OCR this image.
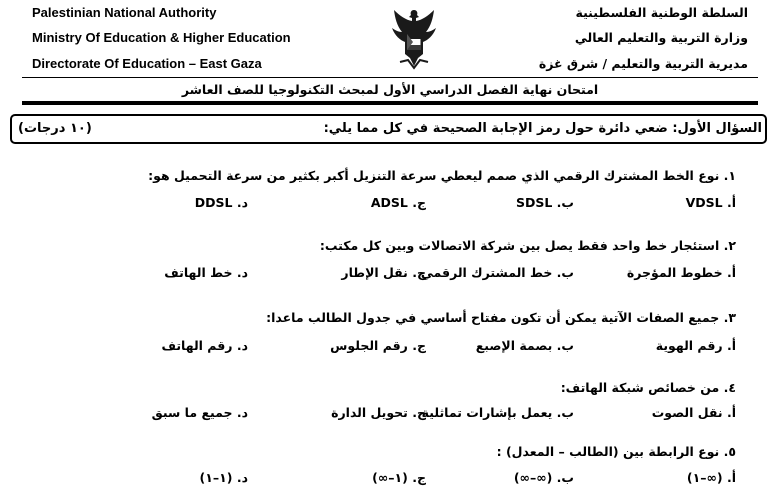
Palestinian National Authority
Ministry Of Education & Higher Education
Directorate Of Education – East Gaza
السلطة الوطنية الفلسطينية
وزارة التربية والتعليم العالي
مديرية التربية والتعليم / شرق غزة
امتحان نهاية الفصل الدراسي الأول لمبحث التكنولوجيا للصف العاشر
السؤال الأول: ضعي دائرة حول رمز الإجابة الصحيحة في كل مما يلي:
(١٠ درجات)
١. نوع الخط المشترك الرقمي الذي صمم ليعطي سرعة التنزيل أكبر بكثير من سرعة التحميل هو:
أ. VDSL
ب. SDSL
ج. ADSL
د. DDSL
٢. استئجار خط واحد فقط يصل بين شركة الاتصالات وبين كل مكتب:
أ. خطوط المؤجرة
ب. خط المشترك الرقمي
ج. نقل الإطار
د. خط الهاتف
٣. جميع الصفات الآتية يمكن أن تكون مفتاح أساسي في جدول الطالب ماعدا:
أ. رقم الهوية
ب. بصمة الإصبع
ج. رقم الجلوس
د. رقم الهاتف
٤. من خصائص شبكة الهاتف:
أ. نقل الصوت
ب. يعمل بإشارات تماثلية
ج. تحويل الدارة
د. جميع ما سبق
٥. نوع الرابطة بين (الطالب – المعدل) :
أ. (∞–١)
ب. (∞–∞)
ج. (١–∞)
د. (١–١)
